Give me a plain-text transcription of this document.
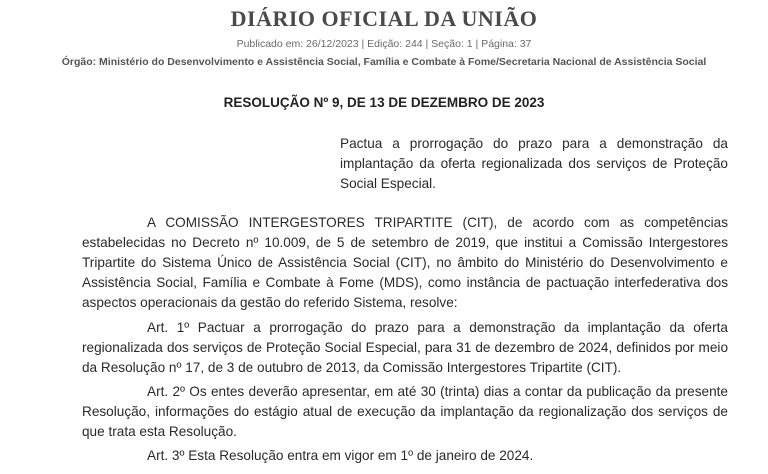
DIÁRIO OFICIAL DA UNIÃO
Publicado em: 26/12/2023 | Edição: 244 | Seção: 1 | Página: 37
Órgão: Ministério do Desenvolvimento e Assistência Social, Família e Combate à Fome/Secretaria Nacional de Assistência Social
RESOLUÇÃO Nº 9, DE 13 DE DEZEMBRO DE 2023
Pactua a prorrogação do prazo para a demonstração da implantação da oferta regionalizada dos serviços de Proteção Social Especial.
A COMISSÃO INTERGESTORES TRIPARTITE (CIT), de acordo com as competências estabelecidas no Decreto nº 10.009, de 5 de setembro de 2019, que institui a Comissão Intergestores Tripartite do Sistema Único de Assistência Social (CIT), no âmbito do Ministério do Desenvolvimento e Assistência Social, Família e Combate à Fome (MDS), como instância de pactuação interfederativa dos aspectos operacionais da gestão do referido Sistema, resolve:
Art. 1º Pactuar a prorrogação do prazo para a demonstração da implantação da oferta regionalizada dos serviços de Proteção Social Especial, para 31 de dezembro de 2024, definidos por meio da Resolução nº 17, de 3 de outubro de 2013, da Comissão Intergestores Tripartite (CIT).
Art. 2º Os entes deverão apresentar, em até 30 (trinta) dias a contar da publicação da presente Resolução, informações do estágio atual de execução da implantação da regionalização dos serviços de que trata esta Resolução.
Art. 3º Esta Resolução entra em vigor em 1º de janeiro de 2024.
